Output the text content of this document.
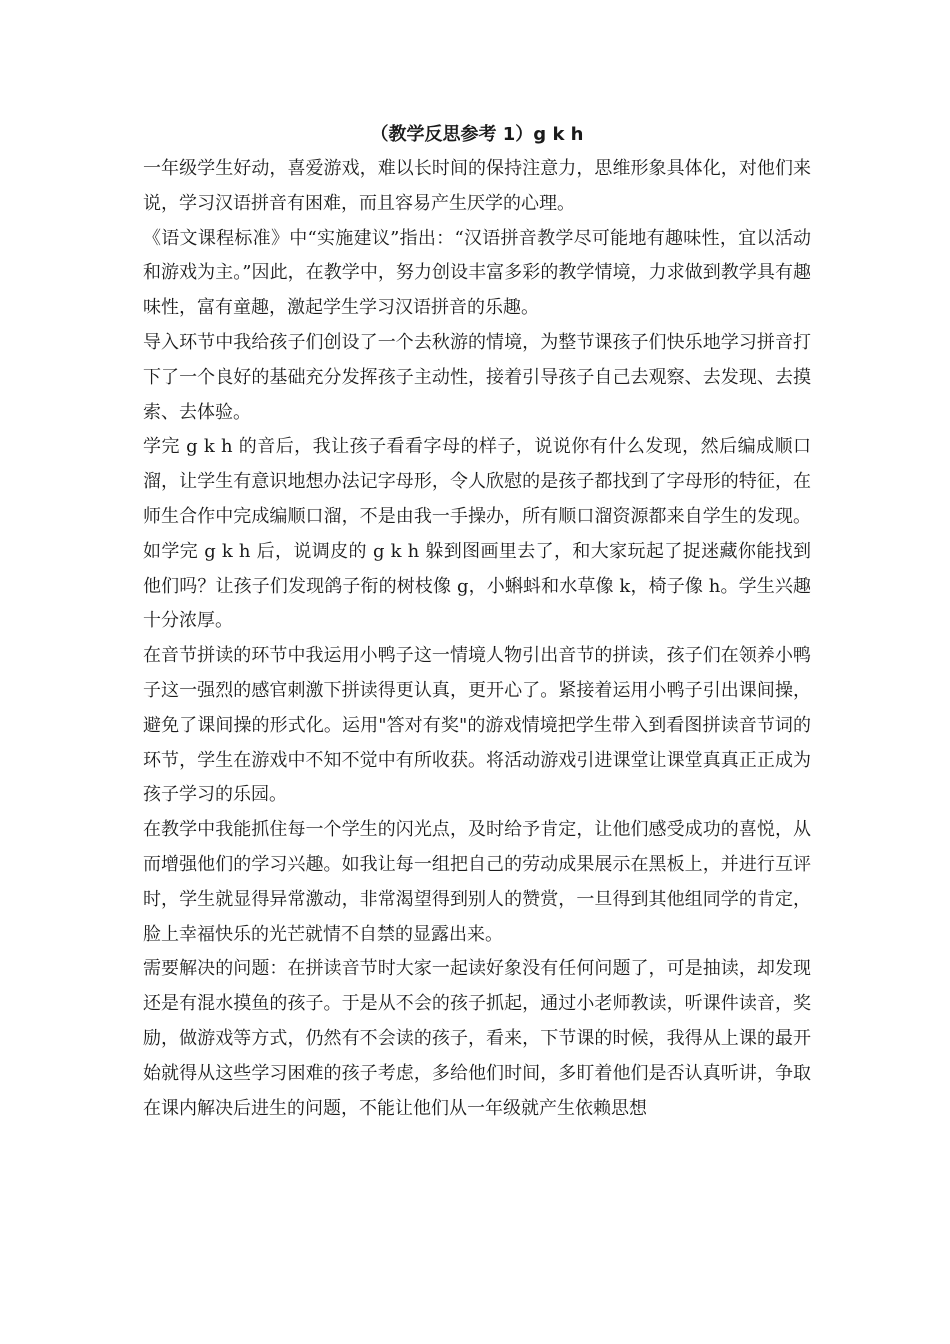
（教学反思参考 1）g k h

一年级学生好动，喜爱游戏，难以长时间的保持注意力，思维形象具体化，对他们来说，学习汉语拼音有困难，而且容易产生厌学的心理。

《语文课程标准》中“实施建议”指出：“汉语拼音教学尽可能地有趣味性，宜以活动和游戏为主。”因此，在教学中，努力创设丰富多彩的教学情境，力求做到教学具有趣味性，富有童趣，激起学生学习汉语拼音的乐趣。

导入环节中我给孩子们创设了一个去秋游的情境，为整节课孩子们快乐地学习拼音打下了一个良好的基础充分发挥孩子主动性，接着引导孩子自己去观察、去发现、去摸索、去体验。

学完 g k h 的音后，我让孩子看看字母的样子，说说你有什么发现，然后编成顺口溜，让学生有意识地想办法记字母形，令人欣慰的是孩子都找到了字母形的特征，在师生合作中完成编顺口溜，不是由我一手操办，所有顺口溜资源都来自学生的发现。如学完 g k h 后，说调皮的 g k h 躲到图画里去了，和大家玩起了捉迷藏你能找到他们吗？让孩子们发现鸽子衔的树枝像 g，小蝌蚪和水草像 k，椅子像 h。学生兴趣十分浓厚。

在音节拼读的环节中我运用小鸭子这一情境人物引出音节的拼读，孩子们在领养小鸭子这一强烈的感官刺激下拼读得更认真，更开心了。紧接着运用小鸭子引出课间操，避免了课间操的形式化。运用"答对有奖"的游戏情境把学生带入到看图拼读音节词的环节，学生在游戏中不知不觉中有所收获。将活动游戏引进课堂让课堂真真正正成为孩子学习的乐园。

在教学中我能抓住每一个学生的闪光点，及时给予肯定，让他们感受成功的喜悦，从而增强他们的学习兴趣。如我让每一组把自己的劳动成果展示在黑板上，并进行互评时，学生就显得异常激动，非常渴望得到别人的赞赏，一旦得到其他组同学的肯定，脸上幸福快乐的光芒就情不自禁的显露出来。

需要解决的问题：在拼读音节时大家一起读好象没有任何问题了，可是抽读，却发现还是有混水摸鱼的孩子。于是从不会的孩子抓起，通过小老师教读，听课件读音，奖励，做游戏等方式，仍然有不会读的孩子，看来，下节课的时候，我得从上课的最开始就得从这些学习困难的孩子考虑，多给他们时间，多盯着他们是否认真听讲，争取在课内解决后进生的问题，不能让他们从一年级就产生依赖思想
